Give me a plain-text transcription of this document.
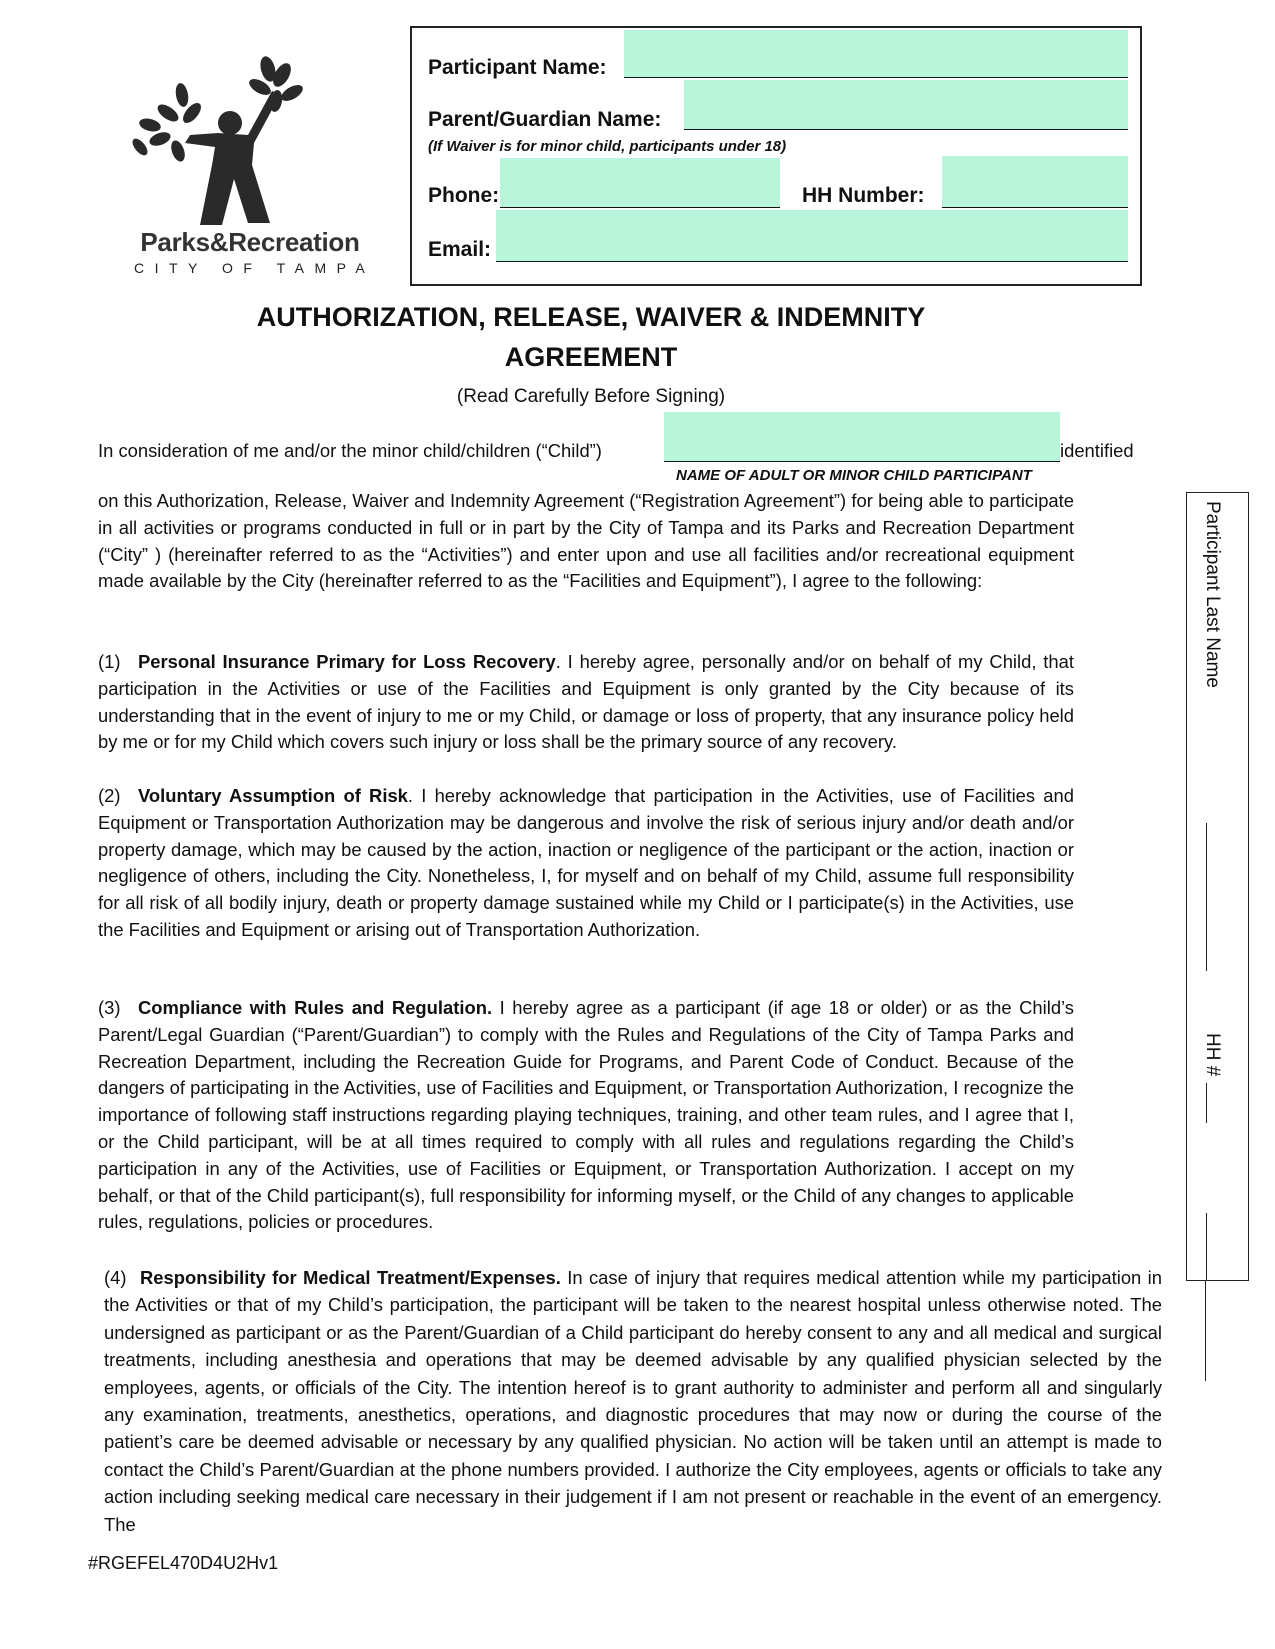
Parks&Recreation
CITY OF TAMPA
Participant Name:
Parent/Guardian Name:
(If Waiver is for minor child, participants under 18)
Phone:	HH Number:
Email:
AUTHORIZATION, RELEASE, WAIVER & INDEMNITY
AGREEMENT
(Read Carefully Before Signing)
In consideration of me and/or the minor child/children (“Child”)	identified
NAME OF ADULT OR MINOR CHILD PARTICIPANT
on this Authorization, Release, Waiver and Indemnity Agreement (“Registration Agreement”) for being able to participate in all activities or programs conducted in full or in part by the City of Tampa and its Parks and Recreation Department (“City” ) (hereinafter referred to as the “Activities”) and enter upon and use all facilities and/or recreational equipment made available by the City (hereinafter referred to as the “Facilities and Equipment”), I agree to the following:
(1) Personal Insurance Primary for Loss Recovery. I hereby agree, personally and/or on behalf of my Child, that participation in the Activities or use of the Facilities and Equipment is only granted by the City because of its understanding that in the event of injury to me or my Child, or damage or loss of property, that any insurance policy held by me or for my Child which covers such injury or loss shall be the primary source of any recovery.
(2) Voluntary Assumption of Risk. I hereby acknowledge that participation in the Activities, use of Facilities and Equipment or Transportation Authorization may be dangerous and involve the risk of serious injury and/or death and/or property damage, which may be caused by the action, inaction or negligence of the participant or the action, inaction or negligence of others, including the City. Nonetheless, I, for myself and on behalf of my Child, assume full responsibility for all risk of all bodily injury, death or property damage sustained while my Child or I participate(s) in the Activities, use the Facilities and Equipment or arising out of Transportation Authorization.
(3) Compliance with Rules and Regulation. I hereby agree as a participant (if age 18 or older) or as the Child’s Parent/Legal Guardian (“Parent/Guardian”) to comply with the Rules and Regulations of the City of Tampa Parks and Recreation Department, including the Recreation Guide for Programs, and Parent Code of Conduct. Because of the dangers of participating in the Activities, use of Facilities and Equipment, or Transportation Authorization, I recognize the importance of following staff instructions regarding playing techniques, training, and other team rules, and I agree that I, or the Child participant, will be at all times required to comply with all rules and regulations regarding the Child’s participation in any of the Activities, use of Facilities or Equipment, or Transportation Authorization. I accept on my behalf, or that of the Child participant(s), full responsibility for informing myself, or the Child of any changes to applicable rules, regulations, policies or procedures.
(4) Responsibility for Medical Treatment/Expenses. In case of injury that requires medical attention while my participation in the Activities or that of my Child’s participation, the participant will be taken to the nearest hospital unless otherwise noted. The undersigned as participant or as the Parent/Guardian of a Child participant do hereby consent to any and all medical and surgical treatments, including anesthesia and operations that may be deemed advisable by any qualified physician selected by the employees, agents, or officials of the City. The intention hereof is to grant authority to administer and perform all and singularly any examination, treatments, anesthetics, operations, and diagnostic procedures that may now or during the course of the patient’s care be deemed advisable or necessary by any qualified physician. No action will be taken until an attempt is made to contact the Child’s Parent/Guardian at the phone numbers provided. I authorize the City employees, agents or officials to take any action including seeking medical care necessary in their judgement if I am not present or reachable in the event of an emergency. The
Participant Last Name
HH #
#RGEFEL470D4U2Hv1
